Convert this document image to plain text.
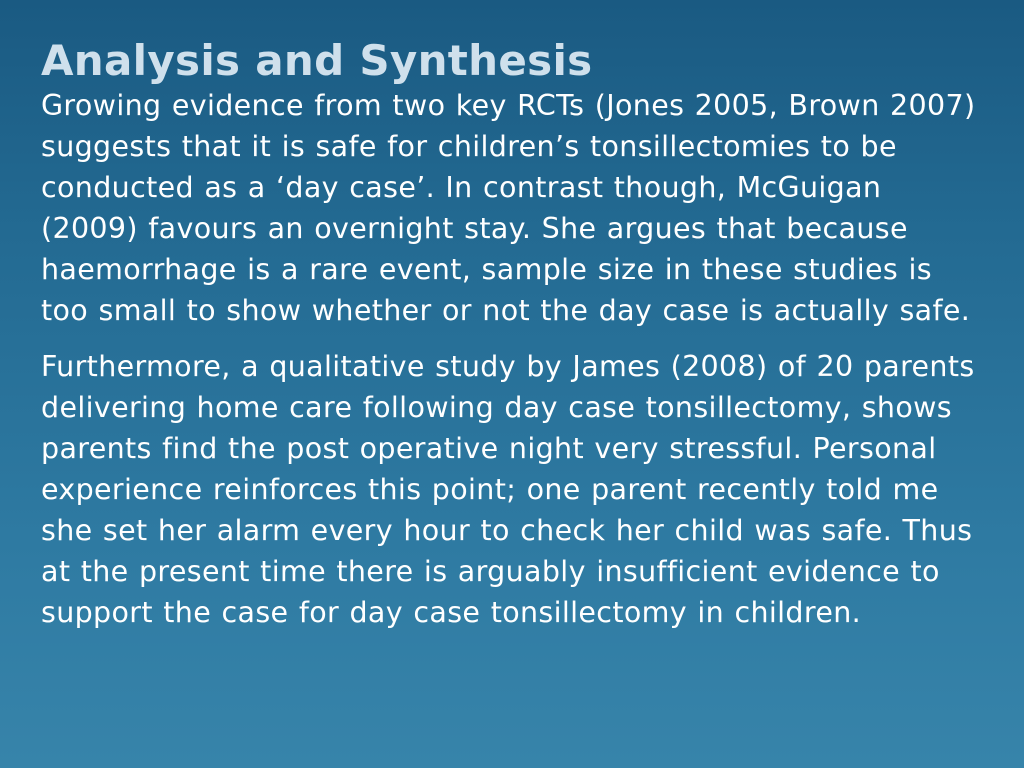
Analysis and Synthesis

Growing evidence from two key RCTs (Jones 2005, Brown 2007) suggests that it is safe for children’s tonsillectomies to be conducted as a ‘day case’. In contrast though, McGuigan (2009) favours an overnight stay. She argues that because haemorrhage is a rare event, sample size in these studies is too small to show whether or not the day case is actually safe.

Furthermore, a qualitative study by James (2008) of 20 parents delivering home care following day case tonsillectomy, shows parents find the post operative night very stressful. Personal experience reinforces this point; one parent recently told me she set her alarm every hour to check her child was safe. Thus at the present time there is arguably insufficient evidence to support the case for day case tonsillectomy in children.
